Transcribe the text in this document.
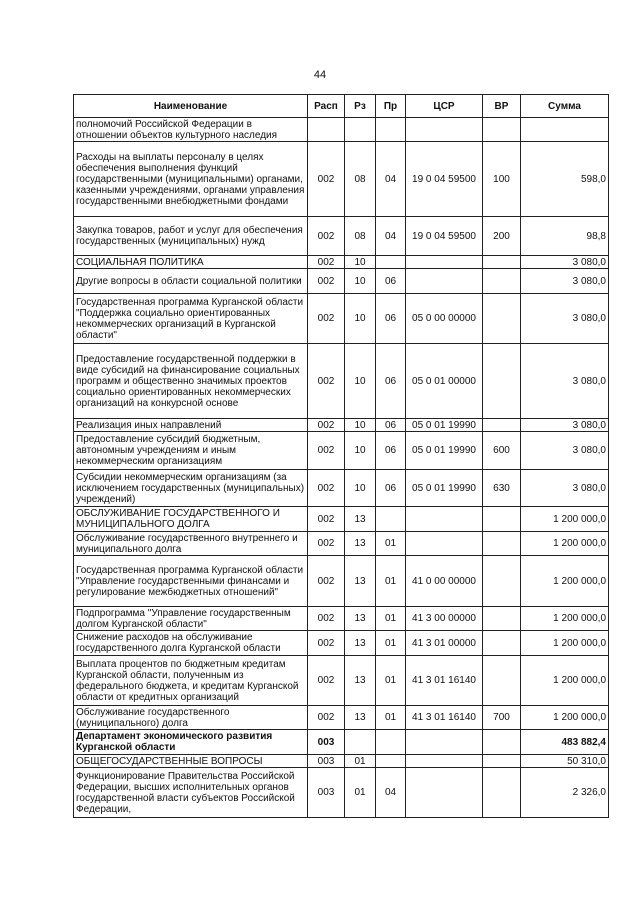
44
Наименование	Расп	Рз	Пр	ЦСР	ВР	Сумма
полномочий Российской Федерации в отношении объектов культурного наследия						
Расходы на выплаты персоналу в целях обеспечения выполнения функций государственными (муниципальными) органами, казенными учреждениями, органами управления государственными внебюджетными фондами	002	08	04	19 0 04 59500	100	598,0
Закупка товаров, работ и услуг для обеспечения государственных (муниципальных) нужд	002	08	04	19 0 04 59500	200	98,8
СОЦИАЛЬНАЯ ПОЛИТИКА	002	10				3 080,0
Другие вопросы в области социальной политики	002	10	06			3 080,0
Государственная программа Курганской области "Поддержка социально ориентированных некоммерческих организаций в Курганской области"	002	10	06	05 0 00 00000		3 080,0
Предоставление государственной поддержки в виде субсидий на финансирование социальных программ и общественно значимых проектов социально ориентированных некоммерческих организаций на конкурсной основе	002	10	06	05 0 01 00000		3 080,0
Реализация иных направлений	002	10	06	05 0 01 19990		3 080,0
Предоставление субсидий бюджетным, автономным учреждениям и иным некоммерческим организациям	002	10	06	05 0 01 19990	600	3 080,0
Субсидии некоммерческим организациям (за исключением государственных (муниципальных) учреждений)	002	10	06	05 0 01 19990	630	3 080,0
ОБСЛУЖИВАНИЕ ГОСУДАРСТВЕННОГО И МУНИЦИПАЛЬНОГО ДОЛГА	002	13				1 200 000,0
Обслуживание государственного внутреннего и муниципального долга	002	13	01			1 200 000,0
Государственная программа Курганской области "Управление государственными финансами и регулирование межбюджетных отношений"	002	13	01	41 0 00 00000		1 200 000,0
Подпрограмма "Управление государственным долгом Курганской области"	002	13	01	41 3 00 00000		1 200 000,0
Снижение расходов на обслуживание государственного долга Курганской области	002	13	01	41 3 01 00000		1 200 000,0
Выплата процентов по бюджетным кредитам Курганской области, полученным из федерального бюджета, и кредитам Курганской области от кредитных организаций	002	13	01	41 3 01 16140		1 200 000,0
Обслуживание государственного (муниципального) долга	002	13	01	41 3 01 16140	700	1 200 000,0
Департамент экономического развития Курганской области	003					483 882,4
ОБЩЕГОСУДАРСТВЕННЫЕ ВОПРОСЫ	003	01				50 310,0
Функционирование Правительства Российской Федерации, высших исполнительных органов государственной власти субъектов Российской Федерации,	003	01	04			2 326,0
